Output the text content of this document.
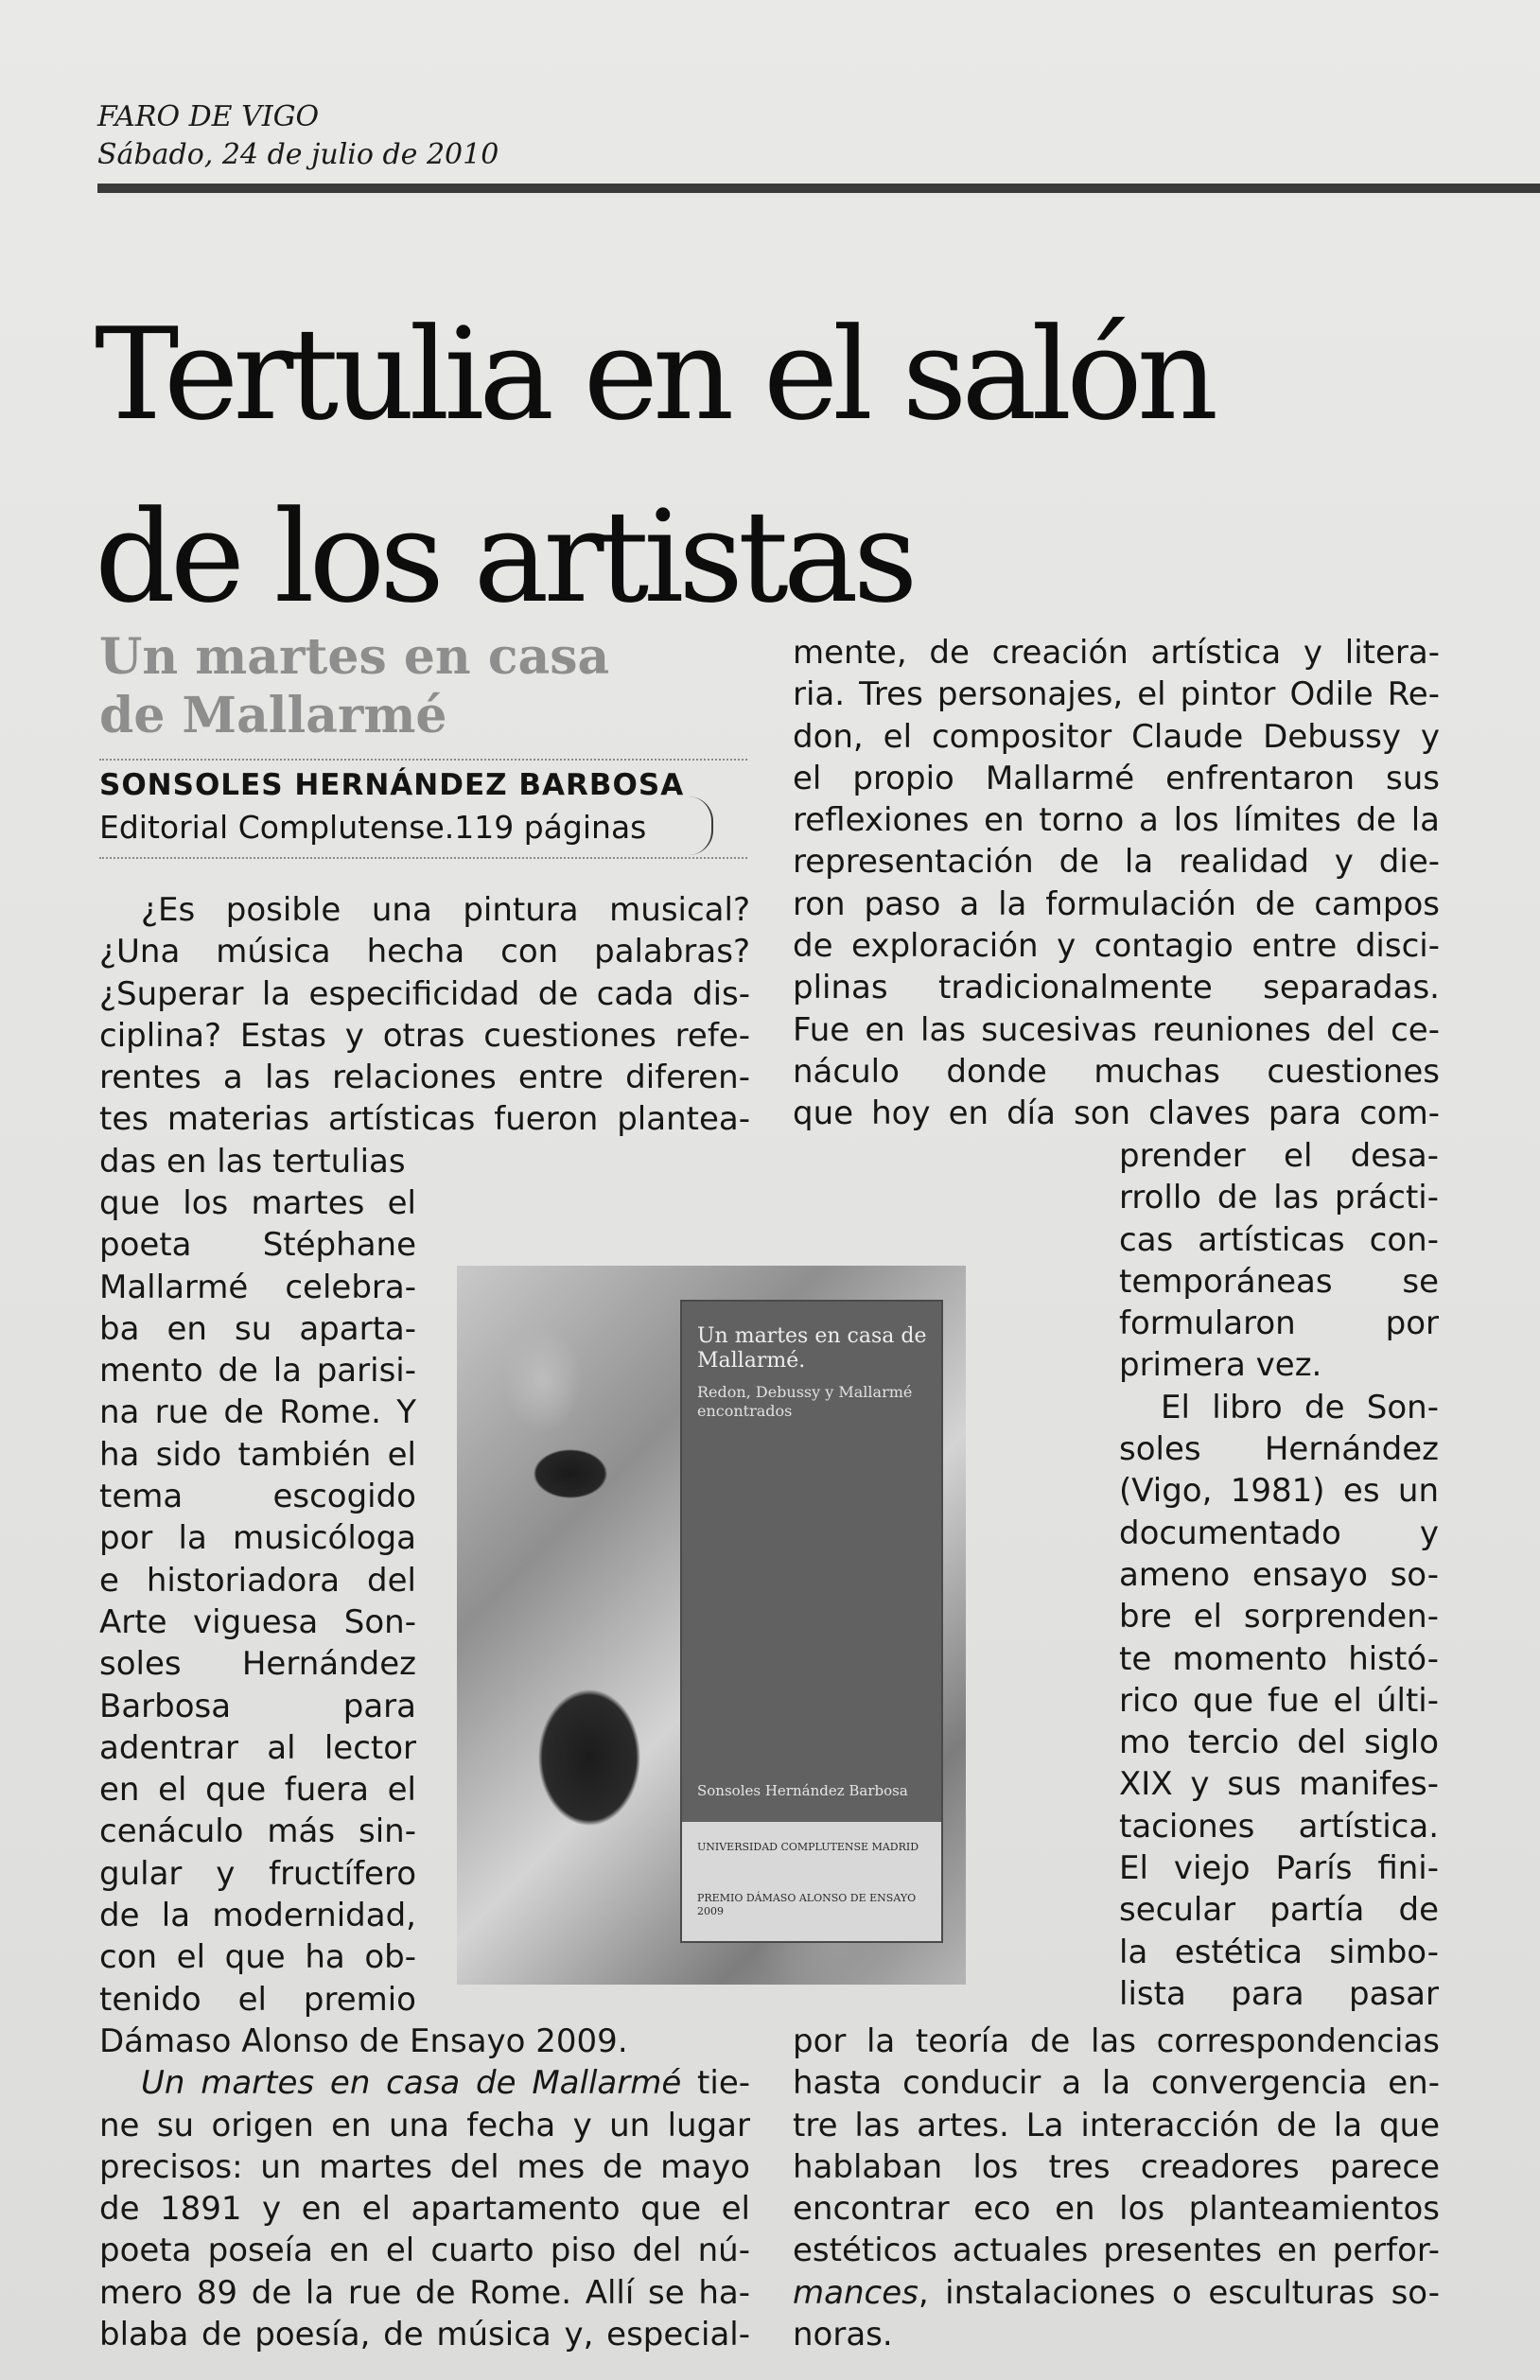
FARO DE VIGO
Sábado, 24 de julio de 2010
Tertulia en el salón
de los artistas
Un martes en casa
de Mallarmé
SONSOLES HERNÁNDEZ BARBOSA
Editorial Complutense.119 páginas
¿Es posible una pintura musical?
¿Una música hecha con palabras?
¿Superar la especificidad de cada dis-
ciplina? Estas y otras cuestiones refe-
rentes a las relaciones entre diferen-
tes materias artísticas fueron plantea-
das en las tertulias
que los martes el
poeta Stéphane
Mallarmé celebra-
ba en su aparta-
mento de la parisi-
na rue de Rome. Y
ha sido también el
tema escogido
por la musicóloga
e historiadora del
Arte viguesa Son-
soles Hernández
Barbosa para
adentrar al lector
en el que fuera el
cenáculo más sin-
gular y fructífero
de la modernidad,
con el que ha ob-
tenido el premio
Dámaso Alonso de Ensayo 2009.
Un martes en casa de Mallarmé tie-
ne su origen en una fecha y un lugar
precisos: un martes del mes de mayo
de 1891 y en el apartamento que el
poeta poseía en el cuarto piso del nú-
mero 89 de la rue de Rome. Allí se ha-
blaba de poesía, de música y, especial-
mente, de creación artística y litera-
ria. Tres personajes, el pintor Odile Re-
don, el compositor Claude Debussy y
el propio Mallarmé enfrentaron sus
reflexiones en torno a los límites de la
representación de la realidad y die-
ron paso a la formulación de campos
de exploración y contagio entre disci-
plinas tradicionalmente separadas.
Fue en las sucesivas reuniones del ce-
náculo donde muchas cuestiones
que hoy en día son claves para com-
prender el desa-
rrollo de las prácti-
cas artísticas con-
temporáneas se
formularon por
primera vez.
El libro de Son-
soles Hernández
(Vigo, 1981) es un
documentado y
ameno ensayo so-
bre el sorprenden-
te momento histó-
rico que fue el últi-
mo tercio del siglo
XIX y sus manifes-
taciones artística.
El viejo París fini-
secular partía de
la estética simbo-
lista para pasar
por la teoría de las correspondencias
hasta conducir a la convergencia en-
tre las artes. La interacción de la que
hablaban los tres creadores parece
encontrar eco en los planteamientos
estéticos actuales presentes en perfor-
mances, instalaciones o esculturas so-
noras.
Un martes en casa de Mallarmé.
Redon, Debussy y Mallarmé encontrados
Sonsoles Hernández Barbosa
UNIVERSIDAD COMPLUTENSE MADRID
PREMIO DÁMASO ALONSO DE ENSAYO 2009
